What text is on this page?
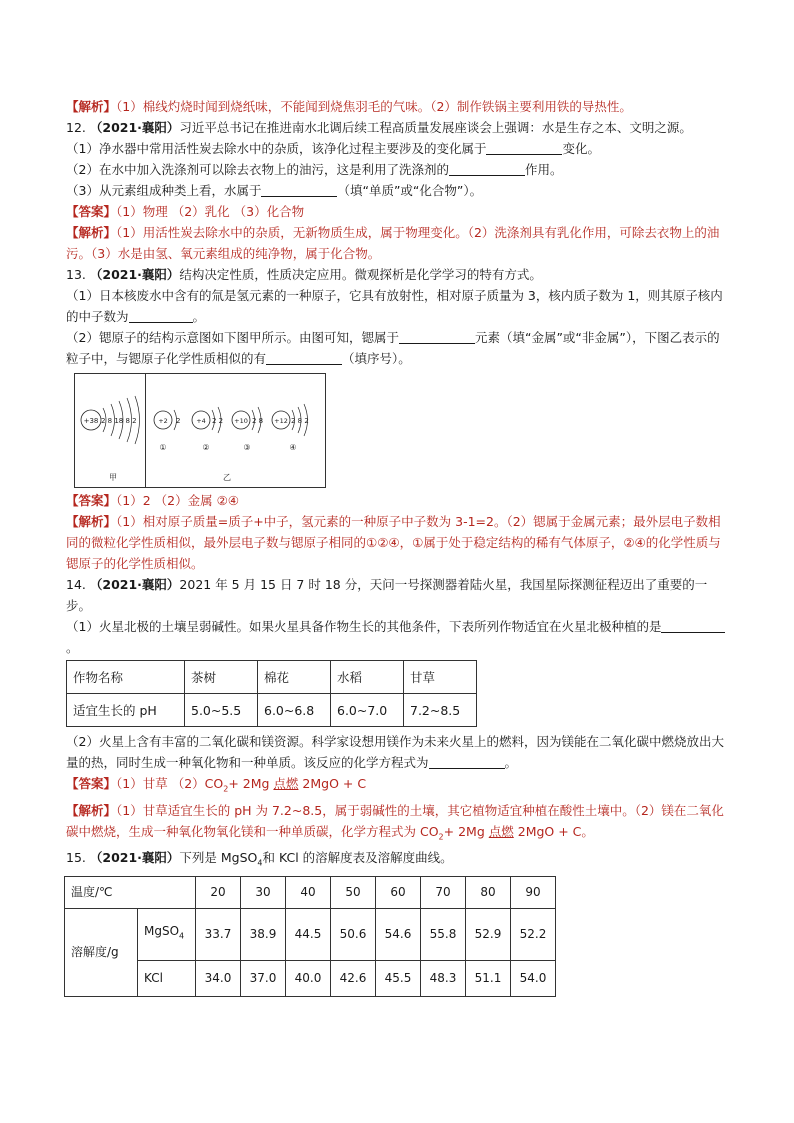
【解析】（1）棉线灼烧时闻到烧纸味，不能闻到烧焦羽毛的气味。（2）制作铁锅主要利用铁的导热性。

12. （2021·襄阳）习近平总书记在推进南水北调后续工程高质量发展座谈会上强调：水是生存之本、文明之源。

（1）净水器中常用活性炭去除水中的杂质，该净化过程主要涉及的变化属于	变化。

（2）在水中加入洗涤剂可以除去衣物上的油污，这是利用了洗涤剂的	作用。

（3）从元素组成种类上看，水属于	（填“单质”或“化合物”）。

【答案】（1）物理 （2）乳化 （3）化合物

【解析】（1）用活性炭去除水中的杂质，无新物质生成，属于物理变化。（2）洗涤剂具有乳化作用，可除去衣物上的油污。（3）水是由氢、氧元素组成的纯净物，属于化合物。

13. （2021·襄阳）结构决定性质，性质决定应用。微观探析是化学学习的特有方式。

（1）日本核废水中含有的氚是氢元素的一种原子，它具有放射性，相对原子质量为 3，核内质子数为 1，则其原子核内的中子数为	。

（2）锶原子的结构示意图如下图甲所示。由图可知，锶属于	元素（填“金属”或“非金属”），下图乙表示的粒子中，与锶原子化学性质相似的有	（填序号）。

+38 2 8 18 8 2
甲
+2 2
①
+4 2 2
②
+10 2 8
③
+12 2 8 2
④
乙

【答案】（1）2 （2）金属 ②④

【解析】（1）相对原子质量=质子+中子，氢元素的一种原子中子数为 3-1=2。（2）锶属于金属元素；最外层电子数相同的微粒化学性质相似，最外层电子数与锶原子相同的①②④，①属于处于稳定结构的稀有气体原子，②④的化学性质与锶原子的化学性质相似。

14. （2021·襄阳）2021 年 5 月 15 日 7 时 18 分，天问一号探测器着陆火星，我国星际探测征程迈出了重要的一步。

（1）火星北极的土壤呈弱碱性。如果火星具备作物生长的其他条件，下表所列作物适宜在火星北极种植的是。

作物名称	茶树	棉花	水稻	甘草
适宜生长的 pH	5.0~5.5	6.0~6.8	6.0~7.0	7.2~8.5

（2）火星上含有丰富的二氧化碳和镁资源。科学家设想用镁作为未来火星上的燃料，因为镁能在二氧化碳中燃烧放出大量的热，同时生成一种氧化物和一种单质。该反应的化学方程式为	。

【答案】（1）甘草 $(2)CO_2+ 2Mg$ 点燃 2MgO + C

【解析】（1）甘草适宜生长的 pH 为 7.2~8.5，属于弱碱性的土壤，其它植物适宜种植在酸性土壤中。（2）镁在二氧化碳中燃烧，生成一种氧化物氧化镁和一种单质碳，化学方程式为 $CO_2+ 2Mg$ 点燃 2MgO + C。

15. （2021·襄阳）下列是 MgSO$_4$和 KCl 的溶解度表及溶解度曲线。

温度/℃		20	30	40	50	60	70	80	90
溶解度/g	MgSO$_4$	33.7	38.9	44.5	50.6	54.6	55.8	52.9	52.2
	KCl	34.0	37.0	40.0	42.6	45.5	48.3	51.1	54.0
